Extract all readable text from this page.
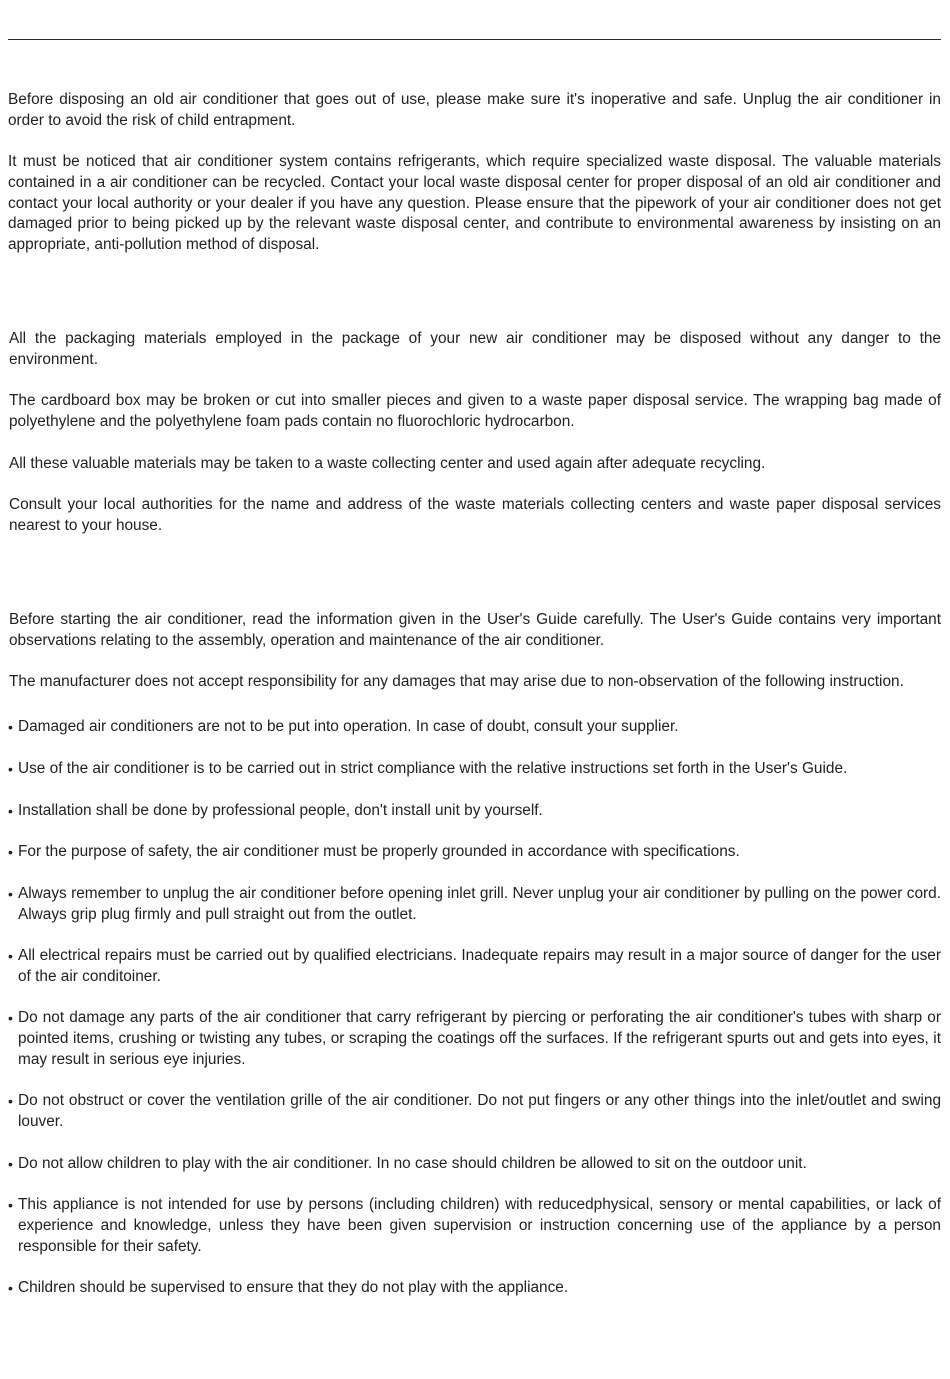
Before disposing an old air conditioner that goes out of use, please make sure it's inoperative and safe. Unplug the air conditioner in order to avoid the risk of child entrapment.

It must be noticed that air conditioner system contains refrigerants, which require specialized waste disposal. The valuable materials contained in a air conditioner can be recycled. Contact your local waste disposal center for proper disposal of an old air conditioner and contact your local authority or your dealer if you have any question. Please ensure that the pipework of your air conditioner does not get damaged prior to being picked up by the relevant waste disposal center, and contribute to environmental awareness by insisting on an appropriate, anti-pollution method of disposal.

All the packaging materials employed in the package of your new air conditioner may be disposed without any danger to the environment.

The cardboard box may be broken or cut into smaller pieces and given to a waste paper disposal service. The wrapping bag made of polyethylene and the polyethylene foam pads contain no fluorochloric hydrocarbon.

All these valuable materials may be taken to a waste collecting center and used again after adequate recycling.

Consult your local authorities for the name and address of the waste materials collecting centers and waste paper disposal services nearest to your house.

Before starting the air conditioner, read the information given in the User's Guide carefully. The User's Guide contains very important observations relating to the assembly, operation and maintenance of the air conditioner.

The manufacturer does not accept responsibility for any damages that may arise due to non-observation of the following instruction.

• Damaged air conditioners are not to be put into operation. In case of doubt, consult your supplier.
• Use of the air conditioner is to be carried out in strict compliance with the relative instructions set forth in the User's Guide.
• Installation shall be done by professional people, don't install unit by yourself.
• For the purpose of safety, the air conditioner must be properly grounded in accordance with specifications.
• Always remember to unplug the air conditioner before opening inlet grill. Never unplug your air conditioner by pulling on the power cord. Always grip plug firmly and pull straight out from the outlet.
• All electrical repairs must be carried out by qualified electricians. Inadequate repairs may result in a major source of danger for the user of the air conditoiner.
• Do not damage any parts of the air conditioner that carry refrigerant by piercing or perforating the air conditioner's tubes with sharp or pointed items, crushing or twisting any tubes, or scraping the coatings off the surfaces. If the refrigerant spurts out and gets into eyes, it may result in serious eye injuries.
• Do not obstruct or cover the ventilation grille of the air conditioner. Do not put fingers or any other things into the inlet/outlet and swing louver.
• Do not allow children to play with the air conditioner. In no case should children be allowed to sit on the outdoor unit.
• This appliance is not intended for use by persons (including children) with reducedphysical, sensory or mental capabilities, or lack of experience and knowledge, unless they have been given supervision or instruction concerning use of the appliance by a person responsible for their safety.
• Children should be supervised to ensure that they do not play with the appliance.
